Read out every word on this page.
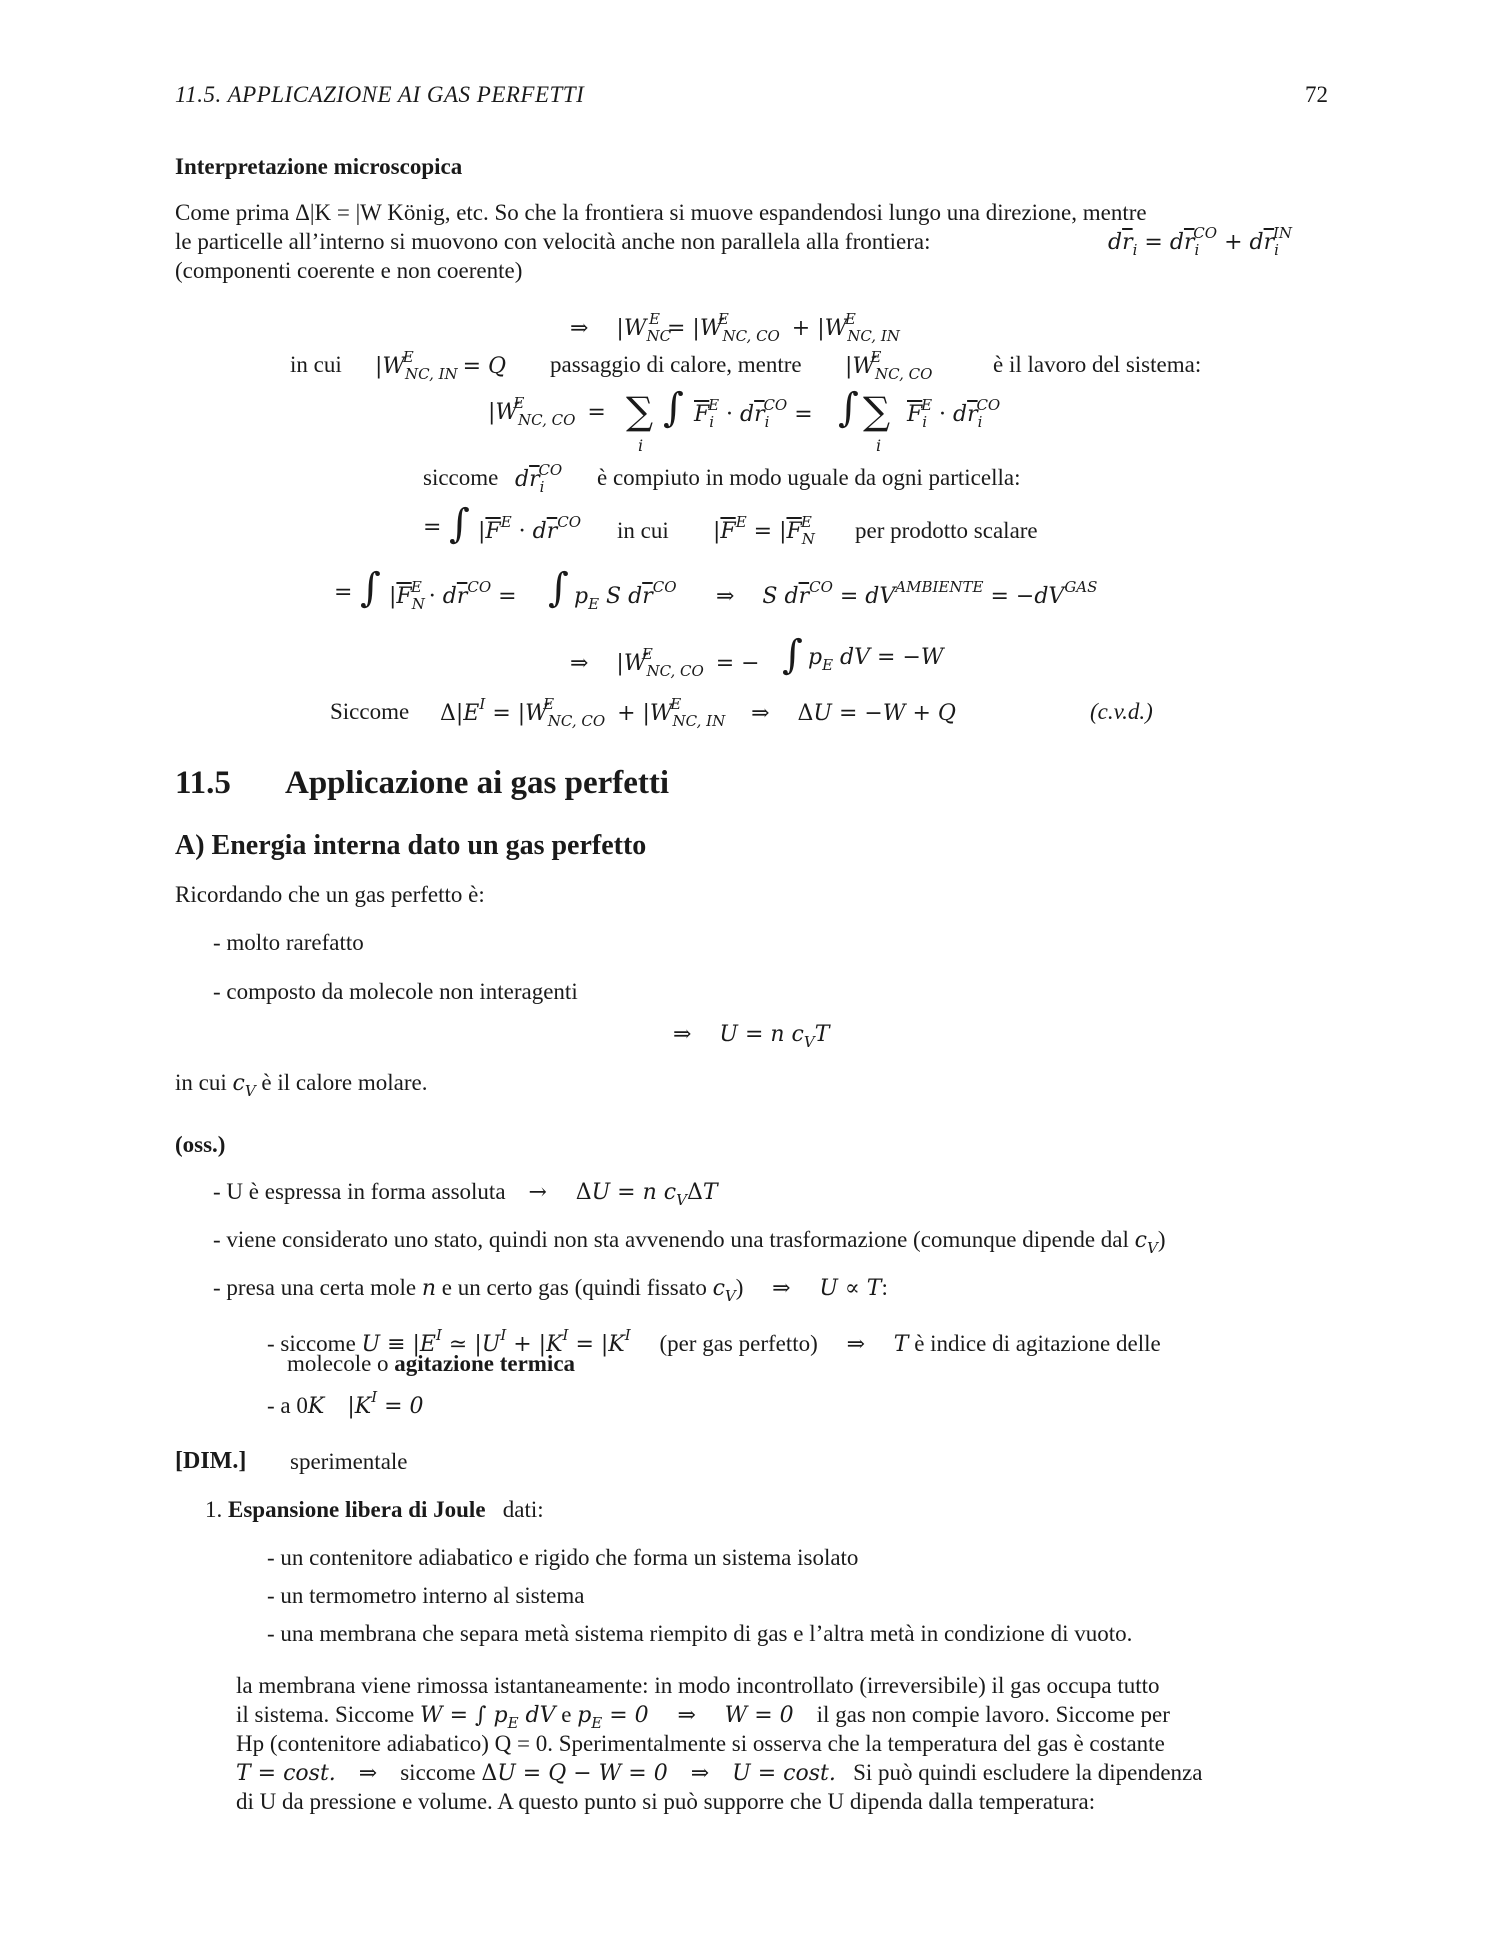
11.5. APPLICAZIONE AI GAS PERFETTI	72
Interpretazione microscopica
Come prima Δ|K = |W König, etc. So che la frontiera si muove espandendosi lungo una direzione, mentre
le particelle all’interno si muovono con velocità anche non parallela alla frontiera:	$d\overline{r}_i = d\overline{r}_i^{CO} + d\overline{r}_i^{IN}$
(componenti coerente e non coerente)
⇒    $|W_{NC}^E = |W_{NC, CO}^E$	+ $|W_{NC, IN}^E$
in cui $|W_{NC, IN}^E = Q$ passaggio di calore, mentre $|W_{NC, CO}^E$	è il lavoro del sistema:
$|W_{NC, CO}^E$	= ∑
i
∫ $\overline{F}_i^E \cdot d\overline{r}_i^{CO}$ = ∫ ∑
i
$\overline{F}_i^E \cdot d\overline{r}_i^{CO}$
siccome $d\overline{r}_i^{CO}$ è compiuto in modo uguale da ogni particella:
= ∫ $|\overline{F}^E \cdot d\overline{r}^{CO}$ in cui $|\overline{F}^E = |\overline{F}_N^E$ per prodotto scalare
= ∫ $|\overline{F}_N^E \cdot d\overline{r}^{CO}$ = ∫ $p_E$ S $d\overline{r}^{CO}$ ⇒    S $d\overline{r}^{CO} = dV^{AMBIENTE} = -dV^{GAS}$
⇒    $|W_{NC, CO}^E$	= − ∫ $p_E$ dV = −W
Siccome $\Delta|E^I = |W_{NC, CO}^E$	+ $|W_{NC, IN}^E$	⇒ ΔU = −W + Q	(c.v.d.)
11.5 Applicazione ai gas perfetti
A) Energia interna dato un gas perfetto
Ricordando che un gas perfetto è:
- molto rarefatto
- composto da molecole non interagenti
⇒    U = n $c_VT$
in cui $c_V$ è il calore molare.
(oss.)
- U è espressa in forma assoluta → ΔU = n $c_V\Delta T$
- viene considerato uno stato, quindi non sta avvenendo una trasformazione (comunque dipende dal $c_V$)
- presa una certa mole n e un certo gas (quindi fissato $c_V$)     ⇒ U ∝ T:
- siccome $U \equiv |E^I$ ≃ $|U^I + |K^I = |K^I$ (per gas perfetto) ⇒ T è indice di agitazione delle
molecole o agitazione termica
- a 0K $|K^I = 0$
[DIM.] sperimentale
1. Espansione libera di Joule dati:
- un contenitore adiabatico e rigido che forma un sistema isolato
- un termometro interno al sistema
- una membrana che separa metà sistema riempito di gas e l’altra metà in condizione di vuoto.
la membrana viene rimossa istantaneamente: in modo incontrollato (irreversibile) il gas occupa tutto
il sistema. Siccome W = ∫ $p_E$ dV e $p_E = 0$ ⇒ W = 0 il gas non compie lavoro. Siccome per
Hp (contenitore adiabatico) Q = 0. Sperimentalmente si osserva che la temperatura del gas è costante
T = cost. ⇒    siccome ΔU = Q − W = 0 ⇒ U = cost. Si può quindi escludere la dipendenza
di U da pressione e volume. A questo punto si può supporre che U dipenda dalla temperatura:
